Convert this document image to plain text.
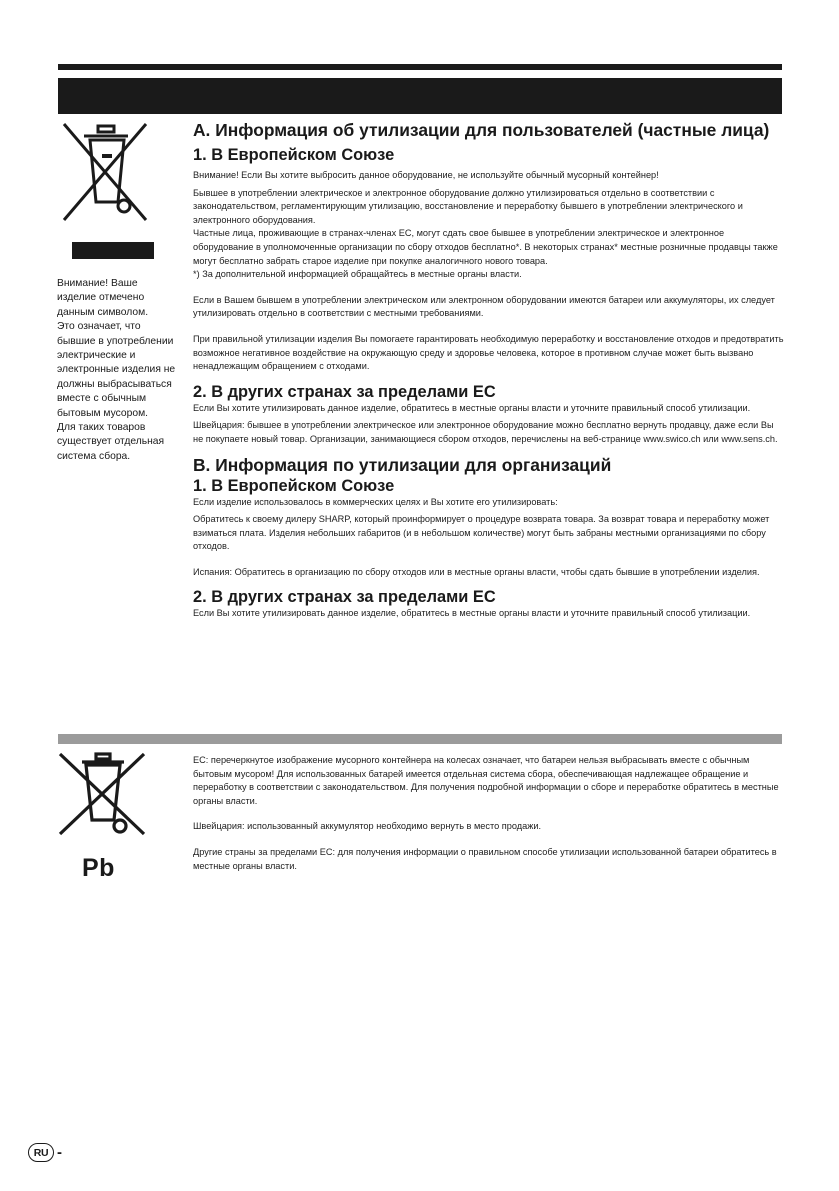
Внимание! Ваше

изделие отмечено

данным символом.

Это означает, что

бывшие в употреблении

электрические и

электронные изделия не

должны выбрасываться

вместе с обычным

бытовым мусором.

Для таких товаров

существует отдельная

система сбора.

A. Информация об утилизации для пользователей (частные лица)
1. В Европейском Союзе

Внимание! Если Вы хотите выбросить данное оборудование, не используйте обычный мусорный контейнер!

Бывшее в употреблении электрическое и электронное оборудование должно утилизироваться отдельно в соответствии с законодательством, регламентирующим утилизацию, восстановление и переработку бывшего в употреблении электрического и электронного оборудования.

Частные лица, проживающие в странах-членах ЕС, могут сдать свое бывшее в употреблении электрическое и электронное оборудование в уполномоченные организации по сбору отходов бесплатно*. В некоторых странах* местные розничные продавцы также могут бесплатно забрать старое изделие при покупке аналогичного нового товара.

*) За дополнительной информацией обращайтесь в местные органы власти.

Если в Вашем бывшем в употреблении электрическом или электронном оборудовании имеются батареи или аккумуляторы, их следует утилизировать отдельно в соответствии с местными требованиями.

При правильной утилизации изделия Вы помогаете гарантировать необходимую переработку и восстановление отходов и предотвратить возможное негативное воздействие на окружающую среду и здоровье человека, которое в противном случае может быть вызвано ненадлежащим обращением с отходами.

2. В других странах за пределами ЕС

Если Вы хотите утилизировать данное изделие, обратитесь в местные органы власти и уточните правильный способ утилизации.

Швейцария: бывшее в употреблении электрическое или электронное оборудование можно бесплатно вернуть продавцу, даже если Вы не покупаете новый товар. Организации, занимающиеся сбором отходов, перечислены на веб-странице www.swico.ch или www.sens.ch.

B. Информация по утилизации для организаций
1. В Европейском Союзе

Если изделие использовалось в коммерческих целях и Вы хотите его утилизировать:

Обратитесь к своему дилеру SHARP, который проинформирует о процедуре возврата товара. За возврат товара и переработку может взиматься плата. Изделия небольших габаритов (и в небольшом количестве) могут быть забраны местными организациями по сбору отходов.

Испания: Обратитесь в организацию по сбору отходов или в местные органы власти, чтобы сдать бывшие в употреблении изделия.

2. В других странах за пределами ЕС

Если Вы хотите утилизировать данное изделие, обратитесь в местные органы власти и уточните правильный способ утилизации.

Pb

ЕС: перечеркнутое изображение мусорного контейнера на колесах означает, что батареи нельзя выбрасывать вместе с обычным бытовым мусором! Для использованных батарей имеется отдельная система сбора, обеспечивающая надлежащее обращение и переработку в соответствии с законодательством. Для получения подробной информации о сборе и переработке обратитесь в местные органы власти.

Швейцария: использованный аккумулятор необходимо вернуть в место продажи.

Другие страны за пределами ЕС: для получения информации о правильном способе утилизации использованной батареи обратитесь в местные органы власти.

RU -
